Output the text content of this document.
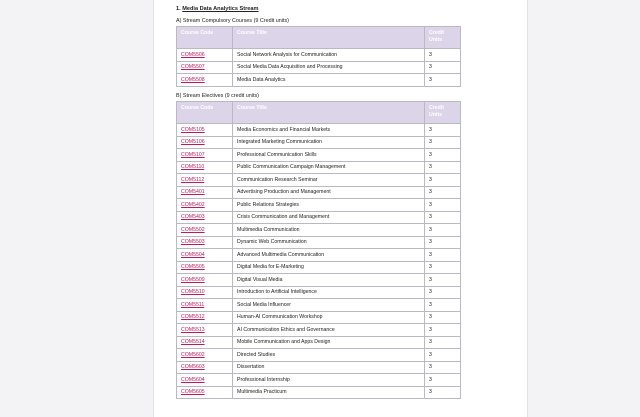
1. Media Data Analytics Stream
A) Stream Compulsory Courses (9 Credit units)
Course Code	Course Title	Credit Units
COM5506	Social Network Analysis for Communication	3
COM5507	Social Media Data Acquisition and Processing	3
COM5508	Media Data Analytics	3
B) Stream Electives (9 credit units)
Course Code	Course Title	Credit Units
COM5105	Media Economics and Financial Markets	3
COM5106	Integrated Marketing Communication	3
COM5107	Professional Communication Skills	3
COM5110	Public Communication Campaign Management	3
COM5112	Communication Research Seminar	3
COM5401	Advertising Production and Management	3
COM5402	Public Relations Strategies	3
COM5403	Crisis Communication and Management	3
COM5502	Multimedia Communication	3
COM5503	Dynamic Web Communication	3
COM5504	Advanced Multimedia Communication	3
COM5505	Digital Media for E-Marketing	3
COM5509	Digital Visual Media	3
COM5510	Introduction to Artificial Intelligence	3
COM5511	Social Media Influencer	3
COM5512	Human-AI Communication Workshop	3
COM5513	AI Communication Ethics and Governance	3
COM5514	Mobile Communication and Apps Design	3
COM5602	Directed Studies	3
COM5603	Dissertation	3
COM5604	Professional Internship	3
COM5605	Multimedia Practicum	3
